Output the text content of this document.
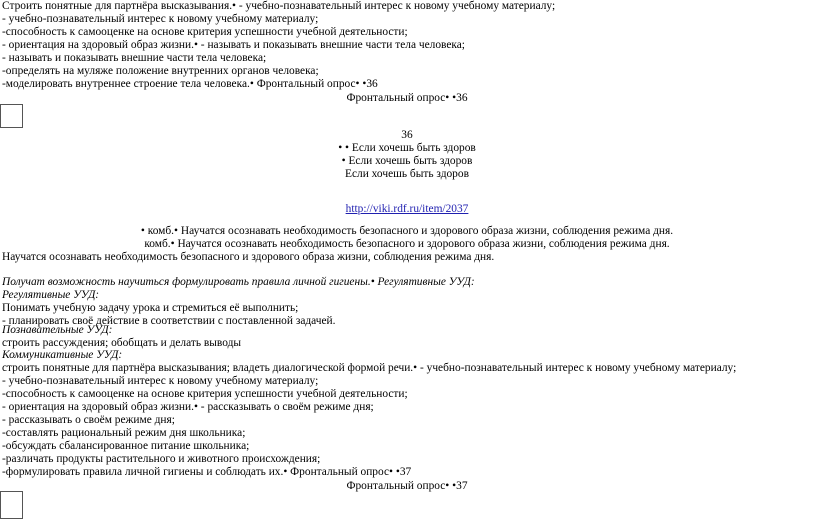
Строить понятные для партнёра высказывания.• - учебно-познавательный интерес к новому учебному материалу;

- учебно-познавательный интерес к новому учебному материалу;

-способность к самооценке на основе критерия успешности учебной деятельности;

- ориентация на здоровый образ жизни.• - называть и показывать внешние части тела человека;

- называть и показывать внешние части тела человека;

-определять на муляже положение внутренних органов человека;

-моделировать внутреннее строение тела человека.• Фронтальный опрос• •36

Фронтальный опрос• •36

36

• • Если хочешь быть здоров

• Если хочешь быть здоров

Если хочешь быть здоров

http://viki.rdf.ru/item/2037

• комб.• Научатся осознавать необходимость безопасного и здорового образа жизни, соблюдения режима дня.

комб.• Научатся осознавать необходимость безопасного и здорового образа жизни, соблюдения режима дня.

Научатся осознавать необходимость безопасного и здорового образа жизни, соблюдения режима дня.

Получат возможность научиться формулировать правила личной гигиены.• Регулятивные УУД:

Регулятивные УУД:

Понимать учебную задачу урока и стремиться её выполнить;

- планировать своё действие в соответствии с поставленной задачей.

Познавательные УУД:

строить рассуждения; обобщать и делать выводы

Коммуникативные УУД:

строить понятные для партнёра высказывания; владеть диалогической формой речи.• - учебно-познавательный интерес к новому учебному материалу;

- учебно-познавательный интерес к новому учебному материалу;

-способность к самооценке на основе критерия успешности учебной деятельности;

- ориентация на здоровый образ жизни.• - рассказывать о своём режиме дня;

- рассказывать о своём режиме дня;

-составлять рациональный режим дня школьника;

-обсуждать сбалансированное питание школьника;

-различать продукты растительного и животного происхождения;

-формулировать правила личной гигиены и соблюдать их.• Фронтальный опрос• •37

Фронтальный опрос• •37
